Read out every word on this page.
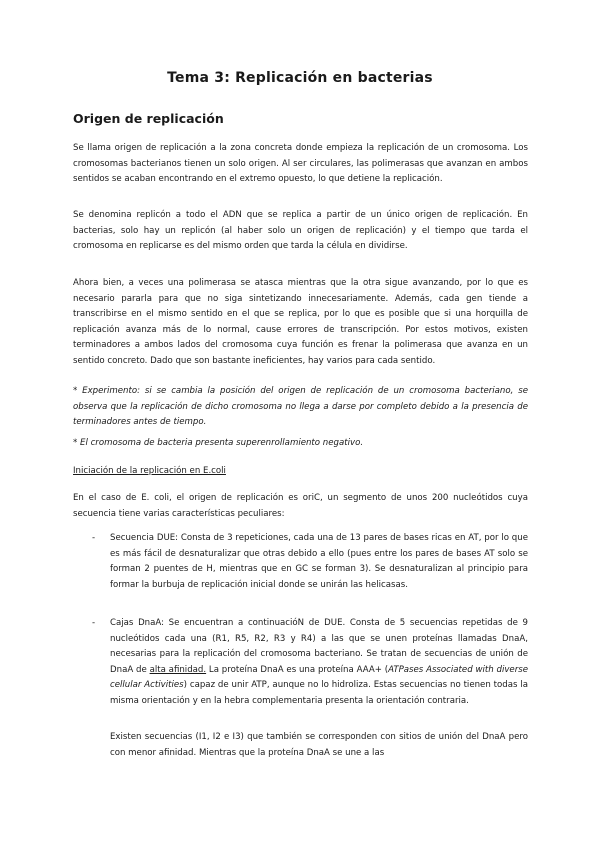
Tema 3: Replicación en bacterias
Origen de replicación

Se llama origen de replicación a la zona concreta donde empieza la replicación de un cromosoma. Los cromosomas bacterianos tienen un solo origen. Al ser circulares, las polimerasas que avanzan en ambos sentidos se acaban encontrando en el extremo opuesto, lo que detiene la replicación.

Se denomina replicón a todo el ADN que se replica a partir de un único origen de replicación. En bacterias, solo hay un replicón (al haber solo un origen de replicación) y el tiempo que tarda el cromosoma en replicarse es del mismo orden que tarda la célula en dividirse.

Ahora bien, a veces una polimerasa se atasca mientras que la otra sigue avanzando, por lo que es necesario pararla para que no siga sintetizando innecesariamente. Además, cada gen tiende a transcribirse en el mismo sentido en el que se replica, por lo que es posible que si una horquilla de replicación avanza más de lo normal, cause errores de transcripción. Por estos motivos, existen terminadores a ambos lados del cromosoma cuya función es frenar la polimerasa que avanza en un sentido concreto. Dado que son bastante ineficientes, hay varios para cada sentido.

* Experimento: si se cambia la posición del origen de replicación de un cromosoma bacteriano, se observa que la replicación de dicho cromosoma no llega a darse por completo debido a la presencia de terminadores antes de tiempo.

* El cromosoma de bacteria presenta superenrollamiento negativo.

Iniciación de la replicación en E.coli

En el caso de E. coli, el origen de replicación es oriC, un segmento de unos 200 nucleótidos cuya secuencia tiene varias características peculiares:

- Secuencia DUE: Consta de 3 repeticiones, cada una de 13 pares de bases ricas en AT, por lo que es más fácil de desnaturalizar que otras debido a ello (pues entre los pares de bases AT solo se forman 2 puentes de H, mientras que en GC se forman 3). Se desnaturalizan al principio para formar la burbuja de replicación inicial donde se unirán las helicasas.

- Cajas DnaA: Se encuentran a continuacióN de DUE. Consta de 5 secuencias repetidas de 9 nucleótidos cada una (R1, R5, R2, R3 y R4) a las que se unen proteínas llamadas DnaA, necesarias para la replicación del cromosoma bacteriano. Se tratan de secuencias de unión de DnaA de alta afinidad. La proteína DnaA es una proteína AAA+ (ATPases Associated with diverse cellular Activities) capaz de unir ATP, aunque no lo hidroliza. Estas secuencias no tienen todas la misma orientación y en la hebra complementaria presenta la orientación contraria.

Existen secuencias (I1, I2 e I3) que también se corresponden con sitios de unión del DnaA pero con menor afinidad. Mientras que la proteína DnaA se une a las
